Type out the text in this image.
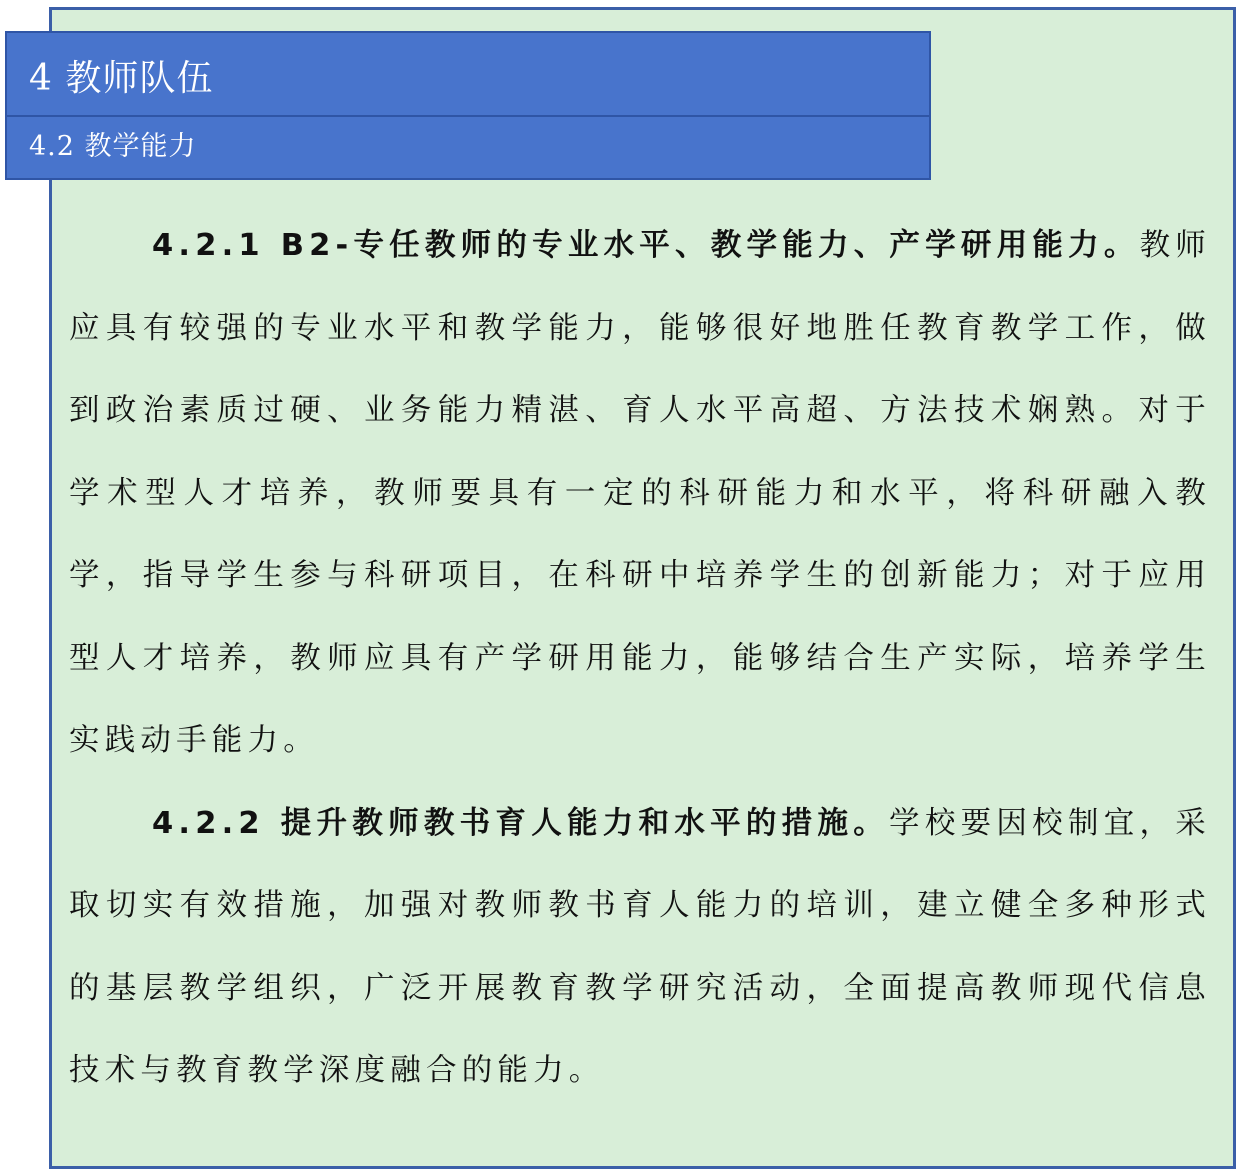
4 教师队伍
4.2 教学能力

4.2.1 B2-专任教师的专业水平、教学能力、产学研用能力。教师应具有较强的专业水平和教学能力，能够很好地胜任教育教学工作，做到政治素质过硬、业务能力精湛、育人水平高超、方法技术娴熟。对于学术型人才培养，教师要具有一定的科研能力和水平，将科研融入教学，指导学生参与科研项目，在科研中培养学生的创新能力；对于应用型人才培养，教师应具有产学研用能力，能够结合生产实际，培养学生实践动手能力。

4.2.2 提升教师教书育人能力和水平的措施。学校要因校制宜，采取切实有效措施，加强对教师教书育人能力的培训，建立健全多种形式的基层教学组织，广泛开展教育教学研究活动，全面提高教师现代信息技术与教育教学深度融合的能力。
